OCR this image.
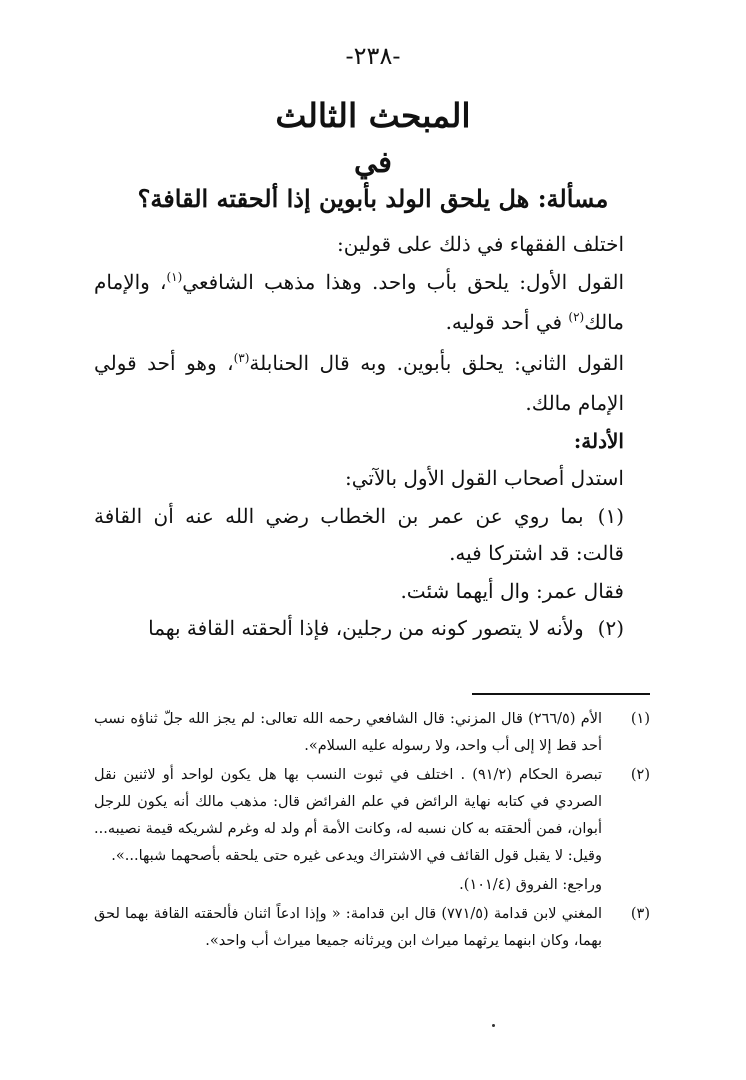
-٢٣٨-
المبحث الثالث
في
مسألة: هل يلحق الولد بأبوين إذا ألحقته القافة؟

اختلف الفقهاء في ذلك على قولين:

القول الأول: يلحق بأب واحد. وهذا مذهب الشافعي$^{(١)}$، والإمام مالك$^{(٢)}$ في أحد قوليه.

القول الثاني: يحلق بأبوين. وبه قال الحنابلة$^{(٣)}$، وهو أحد قولي الإمام مالك.

الأدلة:

استدل أصحاب القول الأول بالآتي:

(١)بما روي عن عمر بن الخطاب رضي الله عنه أن القافة قالت: قد اشتركا فيه.

فقال عمر: وال أيهما شئت.

(٢)ولأنه لا يتصور كونه من رجلين، فإذا ألحقته القافة بهما

(١)
الأم (٢٦٦/٥) قال المزني: قال الشافعي رحمه الله تعالى: لم يجز الله جلّ ثناؤه نسب أحد قط إلا إلى أب واحد، ولا رسوله عليه السلام».

(٢)
تبصرة الحكام (٩١/٢) . اختلف في ثبوت النسب بها هل يكون لواحد أو لاثنين نقل الصردي في كتابه نهاية الرائض في علم الفرائض قال: مذهب مالك أنه يكون للرجل أبوان، فمن ألحقته به كان نسبه له، وكانت الأمة أم ولد له وغرم لشريكه قيمة نصيبه... وقيل: لا يقبل قول القائف في الاشتراك ويدعى غيره حتى يلحقه بأصحهما شبها...».

وراجع: الفروق (١٠١/٤).

(٣)
المغني لابن قدامة (٧٧١/٥) قال ابن قدامة: « وإذا ادعاً اثنان فألحقته القافة بهما لحق بهما، وكان ابنهما يرثهما ميراث ابن ويرثانه جميعا ميراث أب واحد».
